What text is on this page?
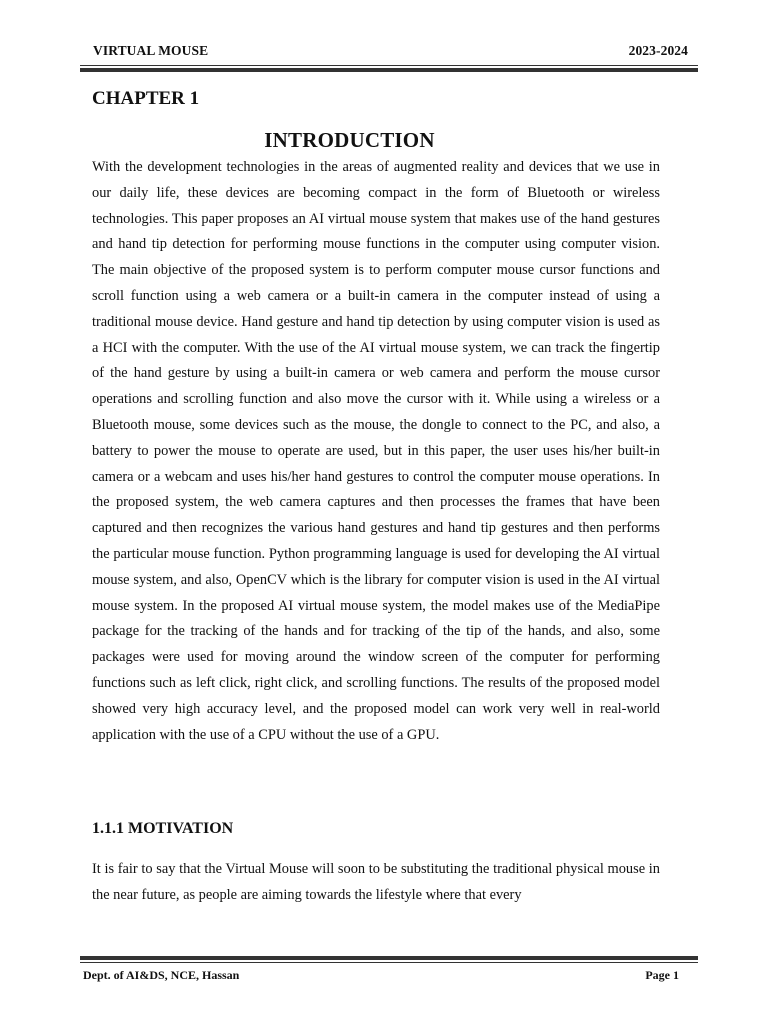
VIRTUAL MOUSE	2023-2024
CHAPTER 1
INTRODUCTION

With the development technologies in the areas of augmented reality and devices that we use in our daily life, these devices are becoming compact in the form of Bluetooth or wireless technologies. This paper proposes an AI virtual mouse system that makes use of the hand gestures and hand tip detection for performing mouse functions in the computer using computer vision. The main objective of the proposed system is to perform computer mouse cursor functions and scroll function using a web camera or a built-in camera in the computer instead of using a traditional mouse device. Hand gesture and hand tip detection by using computer vision is used as a HCI with the computer. With the use of the AI virtual mouse system, we can track the fingertip of the hand gesture by using a built-in camera or web camera and perform the mouse cursor operations and scrolling function and also move the cursor with it. While using a wireless or a Bluetooth mouse, some devices such as the mouse, the dongle to connect to the PC, and also, a battery to power the mouse to operate are used, but in this paper, the user uses his/her built-in camera or a webcam and uses his/her hand gestures to control the computer mouse operations. In the proposed system, the web camera captures and then processes the frames that have been captured and then recognizes the various hand gestures and hand tip gestures and then performs the particular mouse function. Python programming language is used for developing the AI virtual mouse system, and also, OpenCV which is the library for computer vision is used in the AI virtual mouse system. In the proposed AI virtual mouse system, the model makes use of the MediaPipe package for the tracking of the hands and for tracking of the tip of the hands, and also, some packages were used for moving around the window screen of the computer for performing functions such as left click, right click, and scrolling functions. The results of the proposed model showed very high accuracy level, and the proposed model can work very well in real-world application with the use of a CPU without the use of a GPU.

1.1.1 MOTIVATION

It is fair to say that the Virtual Mouse will soon to be substituting the traditional physical mouse in the near future, as people are aiming towards the lifestyle where that every

Dept. of AI&DS, NCE, Hassan	Page 1
